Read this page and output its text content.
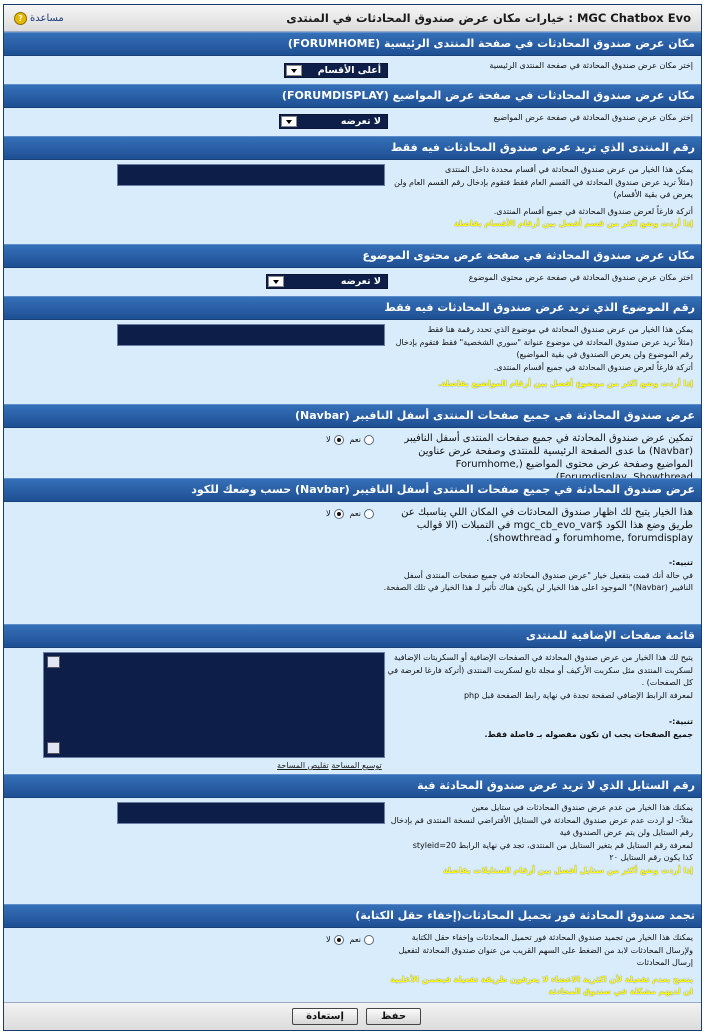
MGC Chatbox Evo : خيارات مكان عرض صندوق المحادثات في المنتدى
? مساعدة
مكان عرض صندوق المحادثات في صفحة المنتدى الرئيسية (FORUMHOME)

إختر مكان عرض صندوق المحادثة في صفحة المنتدى الرئيسية

أعلى الأقسام
مكان عرض صندوق المحادثات في صفحة عرض المواضيع (FORUMDISPLAY)

إختر مكان عرض صندوق المحادثة في صفحة عرض المواضيع

لا تعرضه
رقم المنتدى الذي تريد عرض صندوق المحادثات فيه فقط

يمكن هذا الخيار من عرض صندوق المحادثة في أقسام محددة داخل المنتدى

(مثلاً تريد عرض صندوق المحادثة في القسم العام فقط فتقوم بإدخال رقم القسم العام ولن يعرض في بقية الأقسام)

أتركة فارغاً لعرض صندوق المحادثة في جميع أقسام المنتدى.

إذا أردت وضع اكثر من قسم أفصل بين أرقام الأقسام بفاصلة

مكان عرض صندوق المحادثة في صفحة عرض محتوى الموضوع

اختر مكان عرض صندوق المحادثة في صفحة عرض محتوى الموضوع

لا تعرضه
رقم الموضوع الذي تريد عرض صندوق المحادثات فيه فقط

يمكن هذا الخيار من عرض صندوق المحادثة في موضوع الذي تحدد رقمة هنا فقط

(مثلاً تريد عرض صندوق المحادثة في موضوع عنوانة "سوري الشخصية" فقط فتقوم بإدخال رقم الموضوع ولن يعرض الصندوق في بقية المواضيع)

أتركة فارغاً لعرض صندوق المحادثة في جميع أقسام المنتدى.

إذا أردت وضع اكثر من موضوع أفصل بين أرقام المواضيع بفاصلة.

عرض صندوق المحادثة في جميع صفحات المنتدى أسفل النافيبر (Navbar)

تمكين عرض صندوق المحادثة في جميع صفحات المنتدى أسفل النافيبر (Navbar) ما عدى الصفحة الرئيسية للمنتدى وصفحة عرض عناوين المواضيع وصفحة عرض محتوى المواضيع (Forumhome,

لا نعم
عرض صندوق المحادثة في جميع صفحات المنتدى أسفل النافيبر (Navbar) حسب وضعك للكود

هذا الخيار يتيح لك اظهار صندوق المحادثات في المكان اللي يناسبك عن طريق وضع هذا الكود $mgc_cb_evo_var في التمبلات (الا قوالب forumhome, forumdisplay و showthread).

تنبيه:-

في حالة أنك قمت بتفعيل خيار "عرض صندوق المحادثة في جميع صفحات المنتدى أسفل النافيبر (Navbar)" الموجود اعلى هذا الخيار لن يكون هناك تأثير لـ هذا الخيار في تلك الصفحة.

لا نعم
قائمة صفحات الإضافية للمنتدى

يتيح لك هذا الخيار من عرض صندوق المحادثة في الصفحات الإضافية أو السكربتات الإضافية لسكربت المنتدى مثل سكربت الأركيف أو مجلة تابع لسكربت المنتدى (أتركة فارغا لعرضة في كل الصفحات) .

لمعرفة الرابط الإضافي لصفحة تجدة في نهاية رابط الصفحة قبل php

تنبية:-

جميع الصفحات يجب ان تكون مفصوله بـ فاصلة فقط.

توسيع المساحة تقليص المساحة
رقم الستايل الذي لا تريد عرض صندوق المحادثة فية

يمكنك هذا الخيار من عدم عرض صندوق المحادثات في ستايل معين

مثلاً:- لو اردت عدم عرض صندوق المحادثة في الستايل الأفتراضي لنسخة المنتدى قم بإدخال رقم الستايل ولن يتم عرض الصندوق فية

لمعرفة رقم الستايل قم بتغير الستايل من المنتدى، تجد في نهاية الرابط styleid=20

كذا يكون رقم الستايل ٢٠

إذا أردت وضع أكثر من ستايل أفصل بين أرقام الستايلات بفاصلة

تجمد صندوق المحادثة فور تحميل المحادثات(إخفاء حقل الكتابة)

يمكنك هذا الخيار من تجميد صندوق المحادثة فور تحميل المحادثات وإخفاء حقل الكتابة ولإرسال المحادثات لابد من الضغط على السهم القريب من عنوان صندوق المحادثة لتفعيل إرسال المحادثات

ينصح بعدم تفعيلة لأن اكثرية الاعضاء لا يعرفون طريقة تفعيلة فيضمن الأغلبية ان لديهم مشكلة في صندوق المحادثة

لا نعم
حفظ
إستعادة
